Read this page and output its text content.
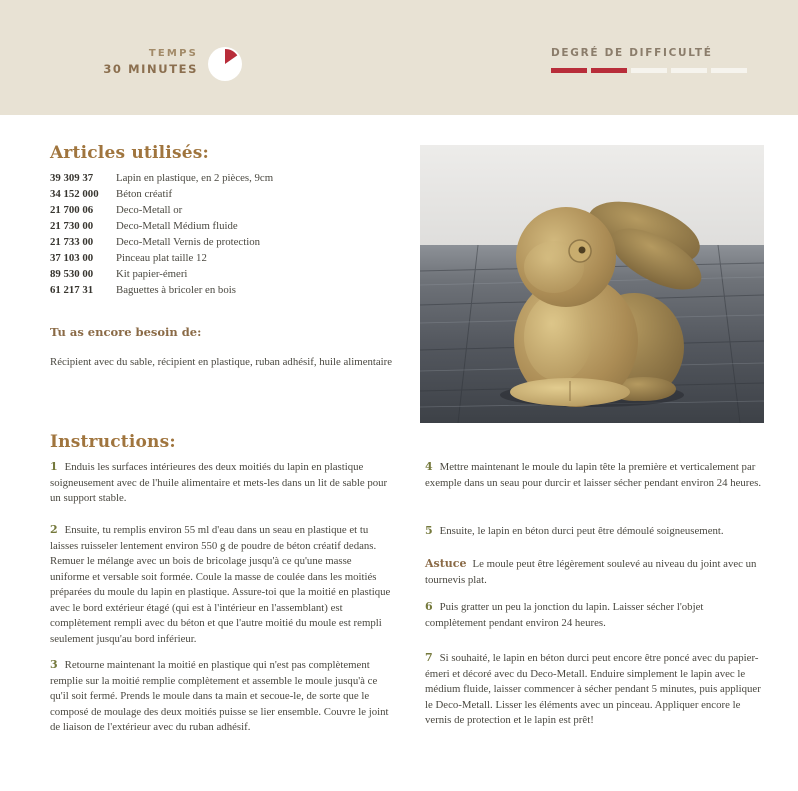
TEMPS
30 MINUTES
DEGRÉ DE DIFFICULTÉ
Articles utilisés:
39 309 37	Lapin en plastique, en 2 pièces, 9cm
34 152 000	Béton créatif
21 700 06	Deco-Metall or
21 730 00	Deco-Metall Médium fluide
21 733 00	Deco-Metall Vernis de protection
37 103 00	Pinceau plat taille 12
89 530 00	Kit papier-émeri
61 217 31	Baguettes à bricoler en bois
Tu as encore besoin de:
Récipient avec du sable, récipient en plastique, ruban adhésif, huile alimentaire
Instructions:

1 Enduis les surfaces intérieures des deux moitiés du lapin en plastique soigneusement avec de l'huile alimentaire et mets-les dans un lit de sable pour un support stable.

2 Ensuite, tu remplis environ 55 ml d'eau dans un seau en plastique et tu laisses ruisseler lentement environ 550 g de poudre de béton créatif dedans. Remuer le mélange avec un bois de bricolage jusqu'à ce qu'une masse uniforme et versable soit formée. Coule la masse de coulée dans les moitiés préparées du moule du lapin en plastique. Assure-toi que la moitié en plastique avec le bord extérieur étagé (qui est à l'intérieur en l'assemblant) est complètement rempli avec du béton et que l'autre moitié du moule est rempli seulement jusqu'au bord inférieur.

3 Retourne maintenant la moitié en plastique qui n'est pas complètement remplie sur la moitié remplie complètement et assemble le moule jusqu'à ce qu'il soit fermé. Prends le moule dans ta main et secoue-le, de sorte que le composé de moulage des deux moitiés puisse se lier ensemble. Couvre le joint de liaison de l'extérieur avec du ruban adhésif.

4 Mettre maintenant le moule du lapin tête la première et verticalement par exemple dans un seau pour durcir et laisser sécher pendant environ 24 heures.

5 Ensuite, le lapin en béton durci peut être démoulé soigneusement.

Astuce Le moule peut être légèrement soulevé au niveau du joint avec un tournevis plat.

6 Puis gratter un peu la jonction du lapin. Laisser sécher l'objet complètement pendant environ 24 heures.

7 Si souhaité, le lapin en béton durci peut encore être poncé avec du papier-émeri et décoré avec du Deco-Metall. Enduire simplement le lapin avec le médium fluide, laisser commencer à sécher pendant 5 minutes, puis appliquer le Deco-Metall. Lisser les éléments avec un pinceau. Appliquer encore le vernis de protection et le lapin est prêt!
